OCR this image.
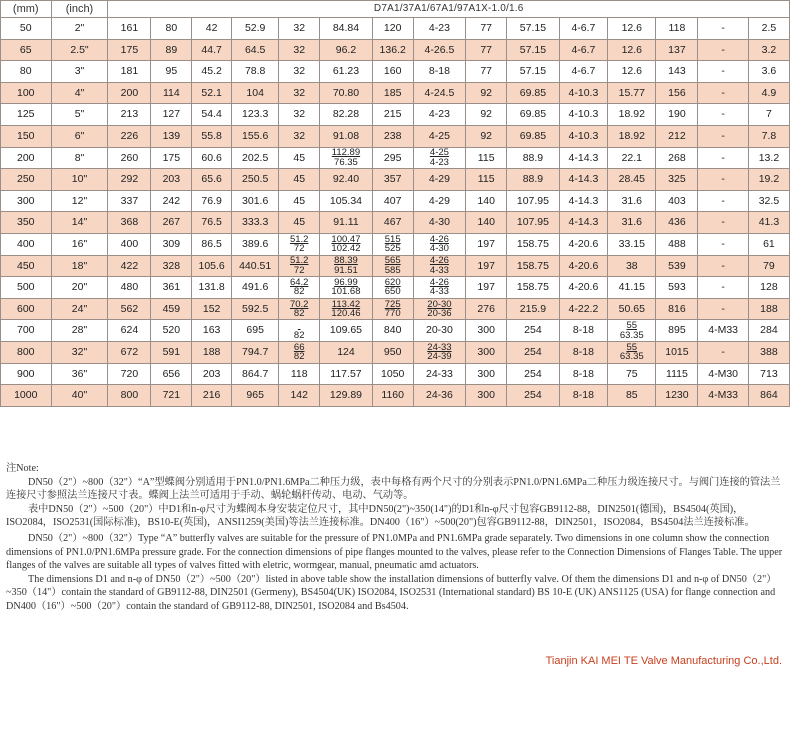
(mm)	(inch)	D7A1/37A1/67A1/97A1X-1.0/1.6														
50	2"	161	80	42	52.9	32	84.84	120	4-23	77	57.15	4-6.7	12.6	118	-	2.5
65	2.5"	175	89	44.7	64.5	32	96.2	136.2	4-26.5	77	57.15	4-6.7	12.6	137	-	3.2
80	3"	181	95	45.2	78.8	32	61.23	160	8-18	77	57.15	4-6.7	12.6	143	-	3.6
100	4"	200	114	52.1	104	32	70.80	185	4-24.5	92	69.85	4-10.3	15.77	156	-	4.9
125	5"	213	127	54.4	123.3	32	82.28	215	4-23	92	69.85	4-10.3	18.92	190	-	7
150	6"	226	139	55.8	155.6	32	91.08	238	4-25	92	69.85	4-10.3	18.92	212	-	7.8
200	8"	260	175	60.6	202.5	45	$\frac{112.89}{76.35}$	295	$\frac{4-25}{4-23}$	115	88.9	4-14.3	22.1	268	-	13.2
250	10"	292	203	65.6	250.5	45	92.40	357	4-29	115	88.9	4-14.3	28.45	325	-	19.2
300	12"	337	242	76.9	301.6	45	105.34	407	4-29	140	107.95	4-14.3	31.6	403	-	32.5
350	14"	368	267	76.5	333.3	45	91.11	467	4-30	140	107.95	4-14.3	31.6	436	-	41.3
400	16"	400	309	86.5	389.6	$\frac{51.2}{72}$	$\frac{100.47}{102.42}$	$\frac{515}{525}$	$\frac{4-26}{4-30}$	197	158.75	4-20.6	33.15	488	-	61
450	18"	422	328	105.6	440.51	$\frac{51.2}{72}$	$\frac{88.39}{91.51}$	$\frac{565}{585}$	$\frac{4-26}{4-33}$	197	158.75	4-20.6	38	539	-	79
500	20"	480	361	131.8	491.6	$\frac{64.2}{82}$	$\frac{96.99}{101.68}$	$\frac{620}{650}$	$\frac{4-26}{4-33}$	197	158.75	4-20.6	41.15	593	-	128
600	24"	562	459	152	592.5	$\frac{70.2}{82}$	$\frac{113.42}{120.46}$	$\frac{725}{770}$	$\frac{20-30}{20-36}$	276	215.9	4-22.2	50.65	816	-	188
700	28"	624	520	163	695	82	109.65	840	20-30	300	254	8-18	$\frac{55}{63.35}$	895	4-M33	284
800	32"	672	591	188	794.7	$\frac{66}{82}$	124	950	$\frac{24-33}{24-39}$	300	254	8-18	$\frac{55}{63.35}$	1015	-	388
900	36"	720	656	203	864.7	118	117.57	1050	24-33	300	254	8-18	75	1115	4-M30	713
1000	40"	800	721	216	965	142	129.89	1160	24-36	300	254	8-18	85	1230	4-M33	864

注Note:

DN50（2"）~800（32"）“A”型蝶阀分别适用于PN1.0/PN1.6MPa二种压力级，表中每格有两个尺寸的分别表示PN1.0/PN1.6MPa二种压力级连接尺寸。与阀门连接的管法兰连接尺寸参照法兰连接尺寸表。蝶阀上法兰可适用于手动、蜗轮蜗杆传动、电动、气动等。

表中DN50（2"）~500（20"）中D1和n-φ尺寸为蝶阀本身安装定位尺寸，其中DN50(2")~350(14")的D1和n-φ尺寸包容GB9112-88，DIN2501(德国)，BS4504(英国)，ISO2084，ISO2531(国际标准)，BS10-E(英国)，ANSI1259(美国)等法兰连接标准。DN400（16"）~500(20")包容GB9112-88，DIN2501，ISO2084，BS4504法兰连接标准。

DN50（2"）~800（32"）Type “A” butterfly valves are suitable for the pressure of PN1.0MPa and PN1.6MPa grade separately. Two dimensions in one column show the connection dimensions of PN1.0/PN1.6MPa pressure grade. For the connection dimensions of pipe flanges mounted to the valves, please refer to the Connection Dimensions of Flanges Table. The upper flanges of the valves are suitable all types of valves fitted with eletric, wormgear, manual, pneumatic amd actuators.

The dimensions D1 and n-φ of DN50（2"）~500（20"）listed in above table show the installation dimensions of butterfly valve. Of them the dimensions D1 and n-φ of DN50（2"）~350（14"）contain the standard of GB9112-88, DIN2501 (Germeny), BS4504(UK) ISO2084, ISO2531 (International standard) BS 10-E (UK) ANS1125 (USA) for flange connection and DN400（16"）~500（20"）contain the standard of GB9112-88, DIN2501, ISO2084 and Bs4504.

Tianjin KAI MEI TE Valve Manufacturing Co.,Ltd.
